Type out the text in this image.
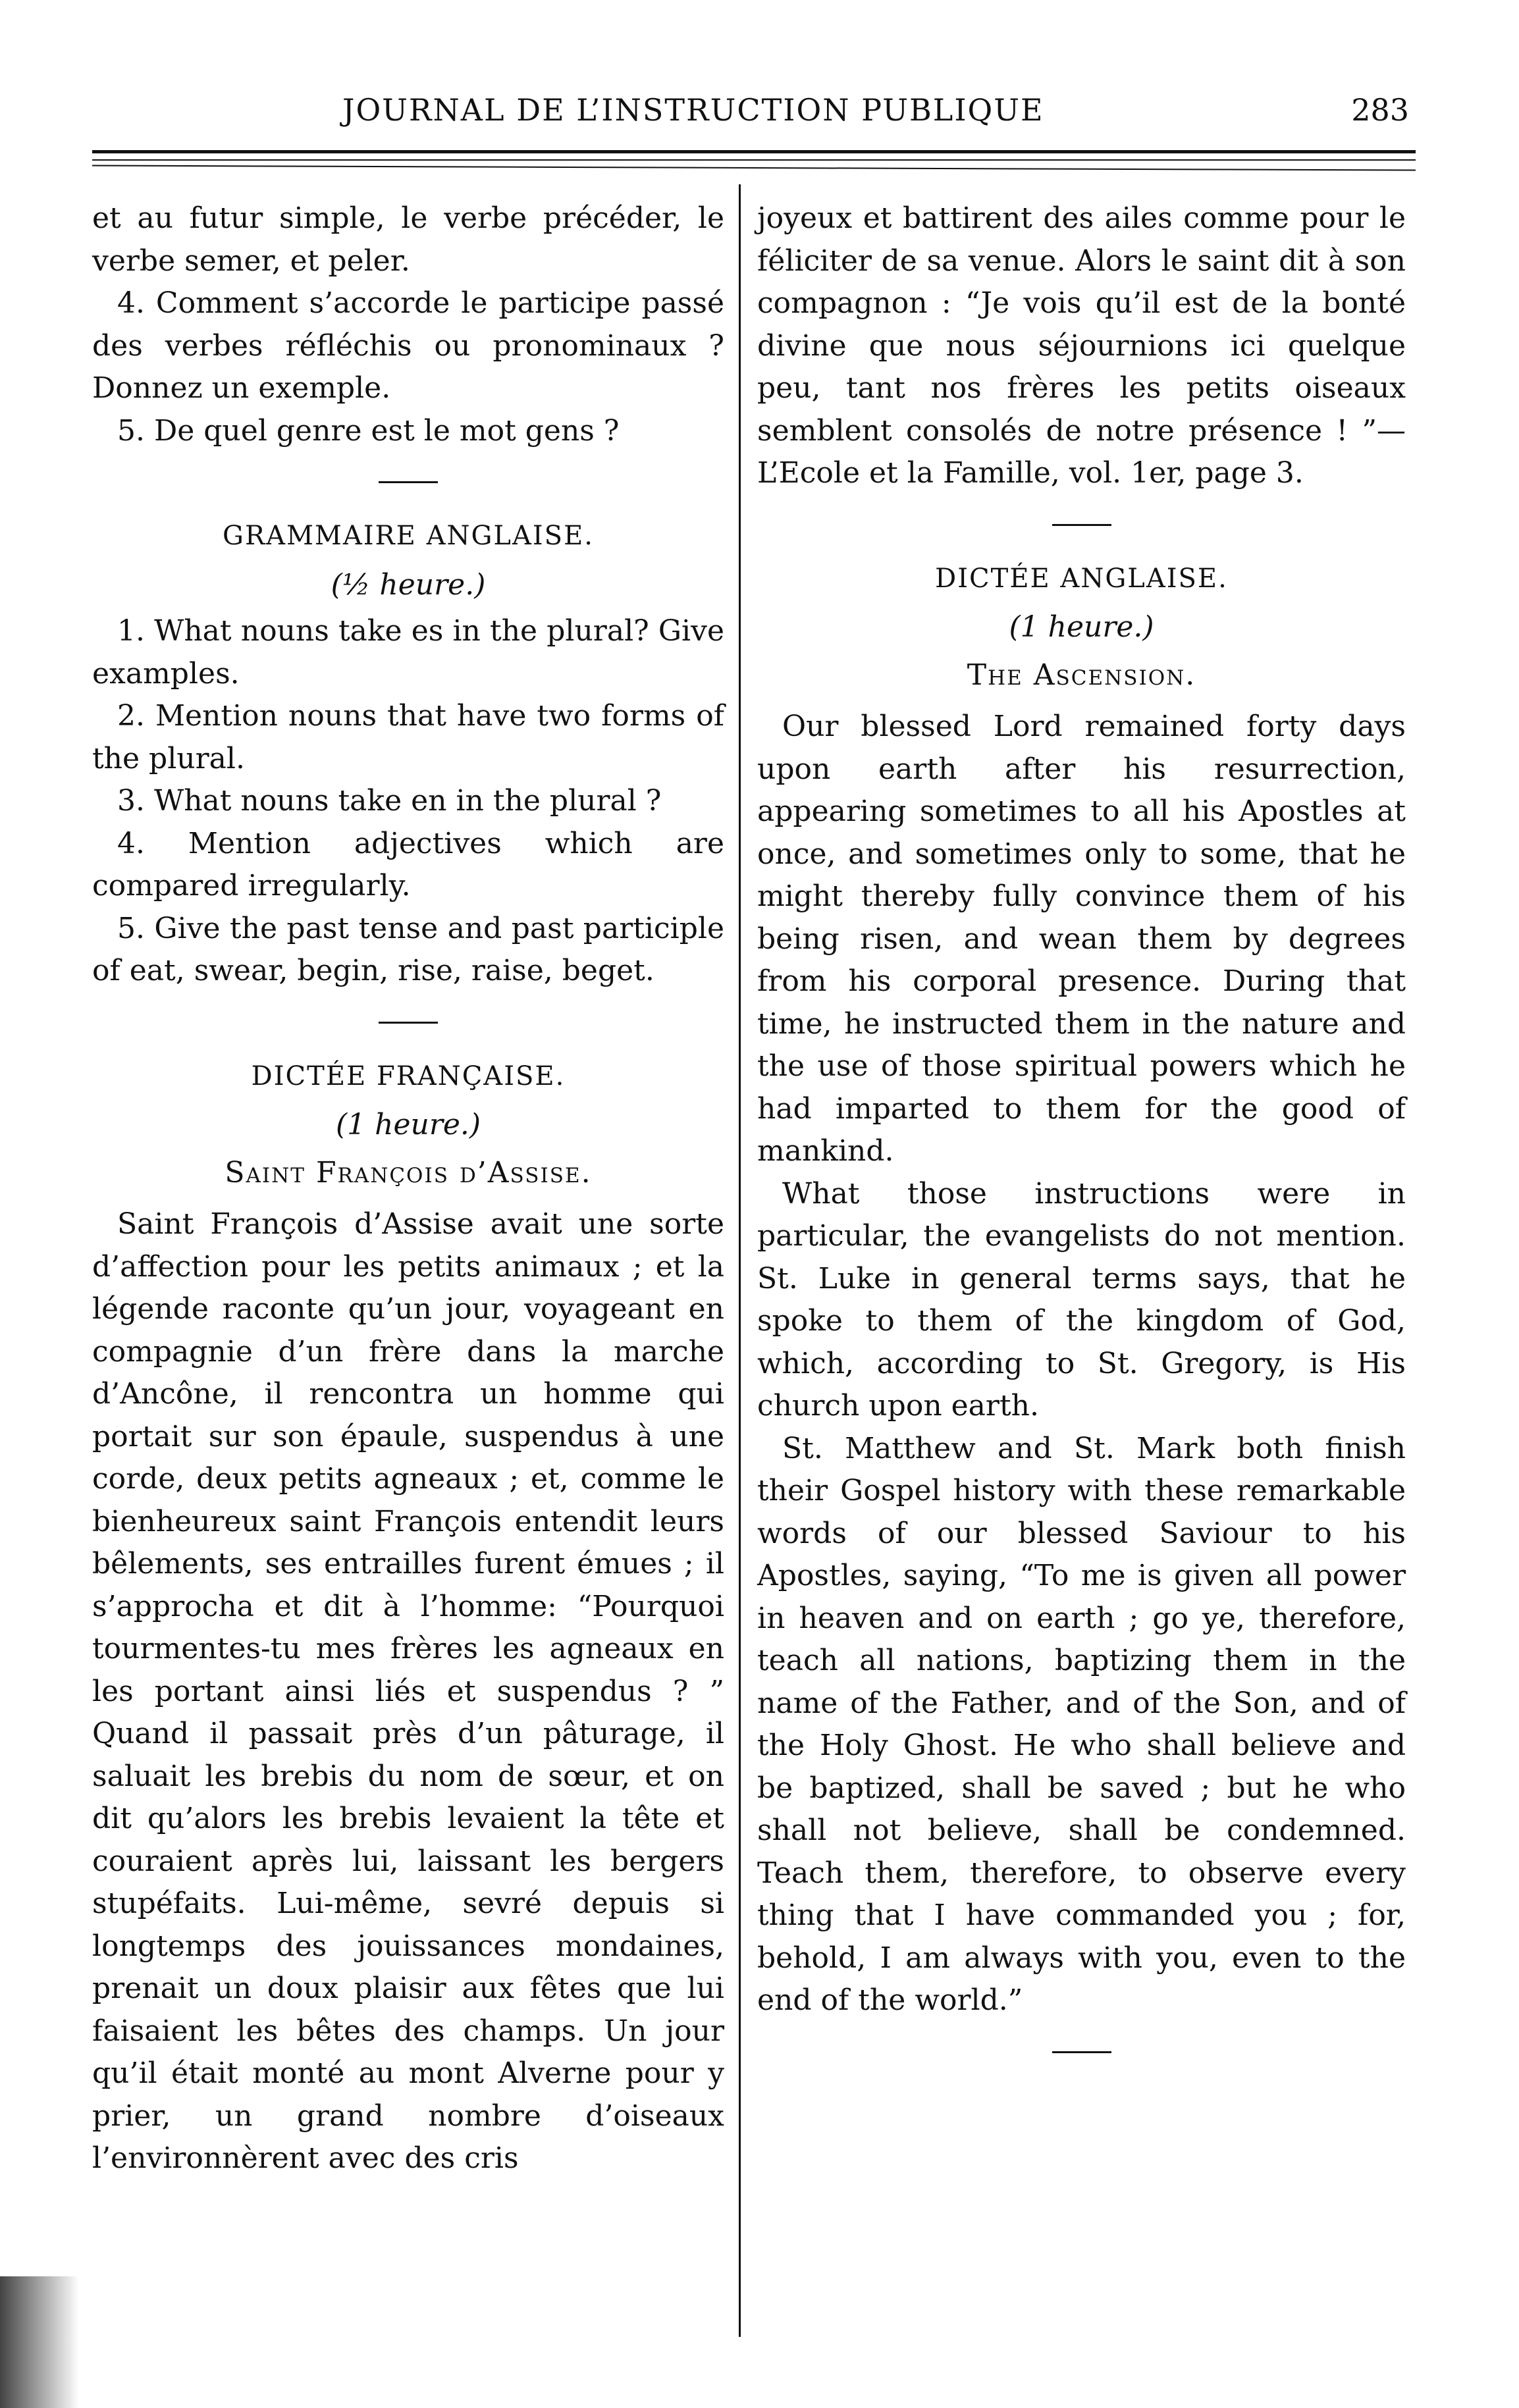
JOURNAL DE L’INSTRUCTION PUBLIQUE	283

et au futur simple, le verbe précéder, le verbe semer, et peler.

4. Comment s’accorde le participe passé des verbes réfléchis ou pronominaux ? Donnez un exemple.

5. De quel genre est le mot gens ?

GRAMMAIRE ANGLAISE.
(½ heure.)

1. What nouns take es in the plural? Give examples.

2. Mention nouns that have two forms of the plural.

3. What nouns take en in the plural ?

4. Mention adjectives which are compared irregularly.

5. Give the past tense and past participle of eat, swear, begin, rise, raise, beget.

DICTÉE FRANÇAISE.
(1 heure.)
Saint François d’Assise.

Saint François d’Assise avait une sorte d’affection pour les petits animaux ; et la légende raconte qu’un jour, voyageant en compagnie d’un frère dans la marche d’Ancône, il rencontra un homme qui portait sur son épaule, suspendus à une corde, deux petits agneaux ; et, comme le bienheureux saint François entendit leurs bêlements, ses entrailles furent émues ; il s’approcha et dit à l’homme: “Pourquoi tourmentes-tu mes frères les agneaux en les portant ainsi liés et suspendus ? ” Quand il passait près d’un pâturage, il saluait les brebis du nom de sœur, et on dit qu’alors les brebis levaient la tête et couraient après lui, laissant les bergers stupéfaits. Lui-même, sevré depuis si longtemps des jouissances mondaines, prenait un doux plaisir aux fêtes que lui faisaient les bêtes des champs. Un jour qu’il était monté au mont Alverne pour y prier, un grand nombre d’oiseaux l’environnèrent avec des cris

joyeux et battirent des ailes comme pour le féliciter de sa venue. Alors le saint dit à son compagnon : “Je vois qu’il est de la bonté divine que nous séjournions ici quelque peu, tant nos frères les petits oiseaux semblent consolés de notre présence ! ”—L’Ecole et la Famille, vol. 1er, page 3.

DICTÉE ANGLAISE.
(1 heure.)
The Ascension.

Our blessed Lord remained forty days upon earth after his resurrection, appearing sometimes to all his Apostles at once, and sometimes only to some, that he might thereby fully convince them of his being risen, and wean them by degrees from his corporal presence. During that time, he instructed them in the nature and the use of those spiritual powers which he had imparted to them for the good of mankind.

What those instructions were in particular, the evangelists do not mention. St. Luke in general terms says, that he spoke to them of the kingdom of God, which, according to St. Gregory, is His church upon earth.

St. Matthew and St. Mark both finish their Gospel history with these remarkable words of our blessed Saviour to his Apostles, saying, “To me is given all power in heaven and on earth ; go ye, therefore, teach all nations, baptizing them in the name of the Father, and of the Son, and of the Holy Ghost. He who shall believe and be baptized, shall be saved ; but he who shall not believe, shall be condemned. Teach them, therefore, to observe every thing that I have commanded you ; for, behold, I am always with you, even to the end of the world.”
